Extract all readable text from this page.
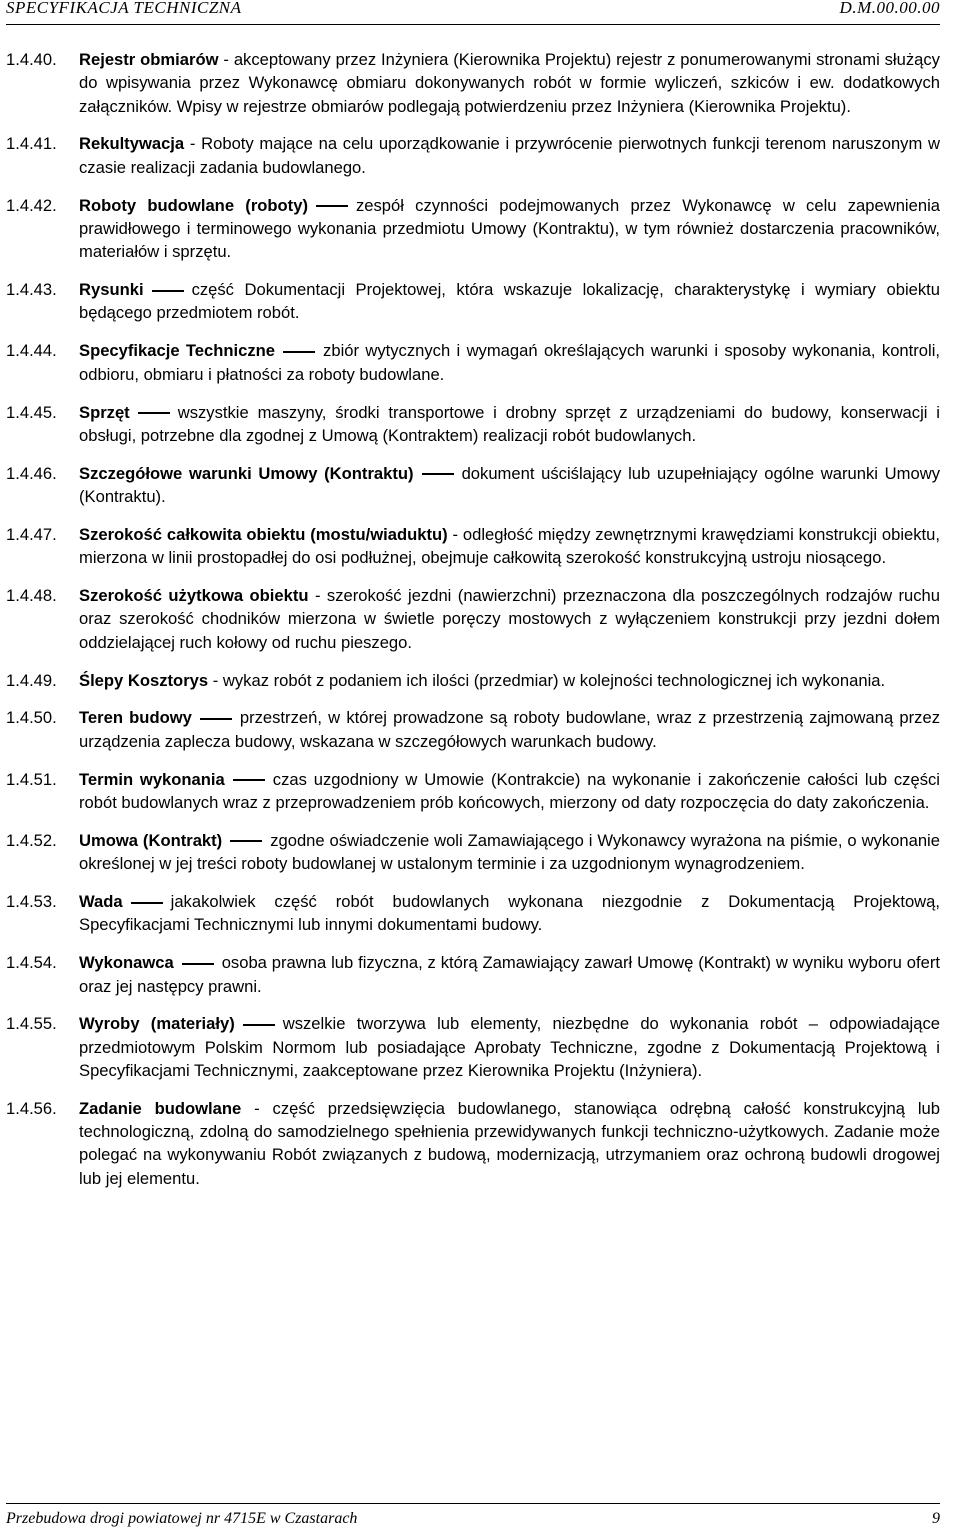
SPECYFIKACJA TECHNICZNA	D.M.00.00.00
1.4.40.	Rejestr obmiarów - akceptowany przez Inżyniera (Kierownika Projektu) rejestr z ponumerowanymi stronami służący do wpisywania przez Wykonawcę obmiaru dokonywanych robót w formie wyliczeń, szkiców i ew. dodatkowych załączników. Wpisy w rejestrze obmiarów podlegają potwierdzeniu przez Inżyniera (Kierownika Projektu).
1.4.41.	Rekultywacja - Roboty mające na celu uporządkowanie i przywrócenie pierwotnych funkcji terenom naruszonym w czasie realizacji zadania budowlanego.
1.4.42.	Roboty budowlane (roboty)	zespół czynności podejmowanych przez Wykonawcę w celu zapewnienia prawidłowego i terminowego wykonania przedmiotu Umowy (Kontraktu), w tym również dostarczenia pracowników, materiałów i sprzętu.
1.4.43.	Rysunki	część Dokumentacji Projektowej, która wskazuje lokalizację, charakterystykę i wymiary obiektu będącego przedmiotem robót.
1.4.44.	Specyfikacje Techniczne	zbiór wytycznych i wymagań określających warunki i sposoby wykonania, kontroli, odbioru, obmiaru i płatności za roboty budowlane.
1.4.45.	Sprzęt	wszystkie maszyny, środki transportowe i drobny sprzęt z urządzeniami do budowy, konserwacji i obsługi, potrzebne dla zgodnej z Umową (Kontraktem) realizacji robót budowlanych.
1.4.46.	Szczegółowe warunki Umowy (Kontraktu)	dokument uściślający lub uzupełniający ogólne warunki Umowy (Kontraktu).
1.4.47.	Szerokość całkowita obiektu (mostu/wiaduktu) - odległość między zewnętrznymi krawędziami konstrukcji obiektu, mierzona w linii prostopadłej do osi podłużnej, obejmuje całkowitą szerokość konstrukcyjną ustroju niosącego.
1.4.48.	Szerokość użytkowa obiektu - szerokość jezdni (nawierzchni) przeznaczona dla poszczególnych rodzajów ruchu oraz szerokość chodników mierzona w świetle poręczy mostowych z wyłączeniem konstrukcji przy jezdni dołem oddzielającej ruch kołowy od ruchu pieszego.
1.4.49.	Ślepy Kosztorys - wykaz robót z podaniem ich ilości (przedmiar) w kolejności technologicznej ich wykonania.
1.4.50.	Teren budowy	przestrzeń, w której prowadzone są roboty budowlane, wraz z przestrzenią zajmowaną przez urządzenia zaplecza budowy, wskazana w szczegółowych warunkach budowy.
1.4.51.	Termin wykonania	czas uzgodniony w Umowie (Kontrakcie) na wykonanie i zakończenie całości lub części robót budowlanych wraz z przeprowadzeniem prób końcowych, mierzony od daty rozpoczęcia do daty zakończenia.
1.4.52.	Umowa (Kontrakt)	zgodne oświadczenie woli Zamawiającego i Wykonawcy wyrażona na piśmie, o wykonanie określonej w jej treści roboty budowlanej w ustalonym terminie i za uzgodnionym wynagrodzeniem.
1.4.53.	Wada	jakakolwiek część robót budowlanych wykonana niezgodnie z Dokumentacją Projektową, Specyfikacjami Technicznymi lub innymi dokumentami budowy.
1.4.54.	Wykonawca	osoba prawna lub fizyczna, z którą Zamawiający zawarł Umowę (Kontrakt) w wyniku wyboru ofert oraz jej następcy prawni.
1.4.55.	Wyroby (materiały)	wszelkie tworzywa lub elementy, niezbędne do wykonania robót – odpowiadające przedmiotowym Polskim Normom lub posiadające Aprobaty Techniczne, zgodne z Dokumentacją Projektową i Specyfikacjami Technicznymi, zaakceptowane przez Kierownika Projektu (Inżyniera).
1.4.56.	Zadanie budowlane - część przedsięwzięcia budowlanego, stanowiąca odrębną całość konstrukcyjną lub technologiczną, zdolną do samodzielnego spełnienia przewidywanych funkcji techniczno-użytkowych. Zadanie może polegać na wykonywaniu Robót związanych z budową, modernizacją, utrzymaniem oraz ochroną budowli drogowej lub jej elementu.
Przebudowa drogi powiatowej nr 4715E w Czastarach	9
